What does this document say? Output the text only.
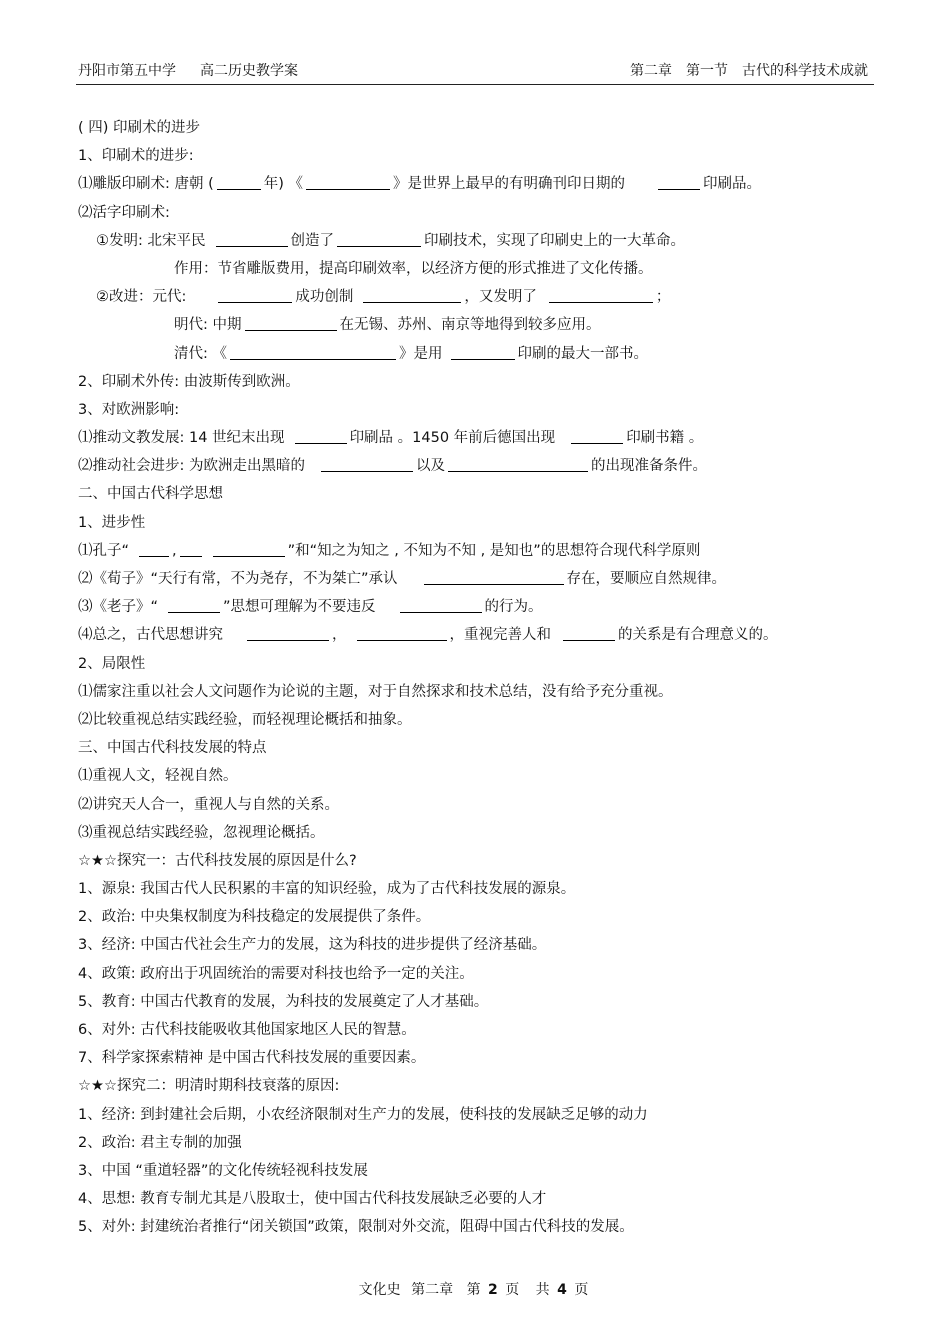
丹阳市第五中学 高二历史教学案	第二章 第一节 古代的科学技术成就
( 四) 印刷术的进步
1、印刷术的进步:
⑴雕版印刷术: 唐朝 (	年) 《	》是世界上最早的有明确刊印日期的	印刷品。
⑵活字印刷术:
①发明: 北宋平民	创造了	印刷技术，实现了印刷史上的一大革命。
作用：节省雕版费用，提高印刷效率，以经济方便的形式推进了文化传播。
②改进：元代:	成功创制	，又发明了	；
明代: 中期	在无锡、苏州、南京等地得到较多应用。
清代: 《	》是用	印刷的最大一部书。
2、印刷术外传: 由波斯传到欧洲。
3、对欧洲影响:
⑴推动文教发展: 14 世纪末出现	印刷品 。1450 年前后德国出现	印刷书籍 。
⑵推动社会进步: 为欧洲走出黑暗的	以及	的出现准备条件。
二、中国古代科学思想
1、进步性
⑴孔子“	,	”和“知之为知之 , 不知为不知 , 是知也”的思想符合现代科学原则
⑵《荀子》“天行有常，不为尧存，不为桀亡”承认	存在，要顺应自然规律。
⑶《老子》“	”思想可理解为不要违反	的行为。
⑷总之，古代思想讲究	，	，重视完善人和	的关系是有合理意义的。
2、局限性
⑴儒家注重以社会人文问题作为论说的主题，对于自然探求和技术总结，没有给予充分重视。
⑵比较重视总结实践经验，而轻视理论概括和抽象。
三、中国古代科技发展的特点
⑴重视人文，轻视自然。
⑵讲究天人合一，重视人与自然的关系。
⑶重视总结实践经验，忽视理论概括。
☆★☆探究一：古代科技发展的原因是什么?
1、源泉: 我国古代人民积累的丰富的知识经验，成为了古代科技发展的源泉。
2、政治: 中央集权制度为科技稳定的发展提供了条件。
3、经济: 中国古代社会生产力的发展，这为科技的进步提供了经济基础。
4、政策: 政府出于巩固统治的需要对科技也给予一定的关注。
5、教育: 中国古代教育的发展，为科技的发展奠定了人才基础。
6、对外: 古代科技能吸收其他国家地区人民的智慧。
7、科学家探索精神 是中国古代科技发展的重要因素。
☆★☆探究二：明清时期科技衰落的原因:
1、经济: 到封建社会后期，小农经济限制对生产力的发展，使科技的发展缺乏足够的动力
2、政治: 君主专制的加强
3、中国 “重道轻器”的文化传统轻视科技发展
4、思想: 教育专制尤其是八股取士，使中国古代科技发展缺乏必要的人才
5、对外: 封建统治者推行“闭关锁国”政策，限制对外交流，阻碍中国古代科技的发展。
文化史 第二章 第 2 页 共 4 页
